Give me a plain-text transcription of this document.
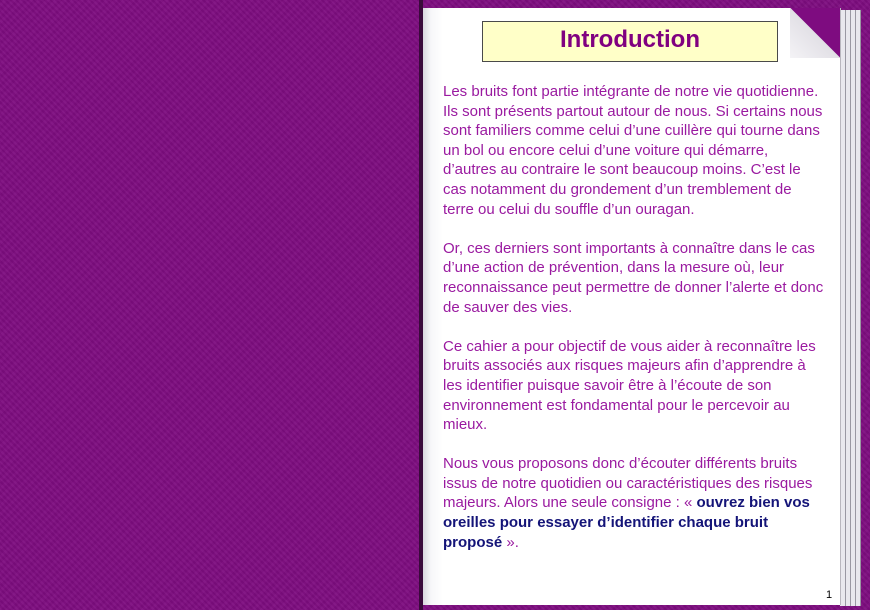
Introduction

Les bruits font partie intégrante de notre vie quotidienne. Ils sont présents partout autour de nous. Si certains nous sont familiers comme celui d’une cuillère qui tourne dans un bol ou encore celui d’une voiture qui démarre, d’autres au contraire le sont beaucoup moins. C’est le cas notamment du grondement d’un tremblement de terre ou celui du souffle d’un ouragan.

Or, ces derniers sont importants à connaître dans le cas d’une action de prévention, dans la mesure où, leur reconnaissance peut permettre de donner l’alerte et donc de sauver des vies.

Ce cahier a pour objectif de vous aider à reconnaître les bruits associés aux risques majeurs afin d’apprendre à les identifier puisque savoir être à l’écoute de son environnement est fondamental pour le percevoir au mieux.

Nous vous proposons donc d’écouter différents bruits issus de notre quotidien ou caractéristiques des risques majeurs. Alors une seule consigne : « ouvrez bien vos oreilles pour essayer d’identifier chaque bruit proposé ».

1
